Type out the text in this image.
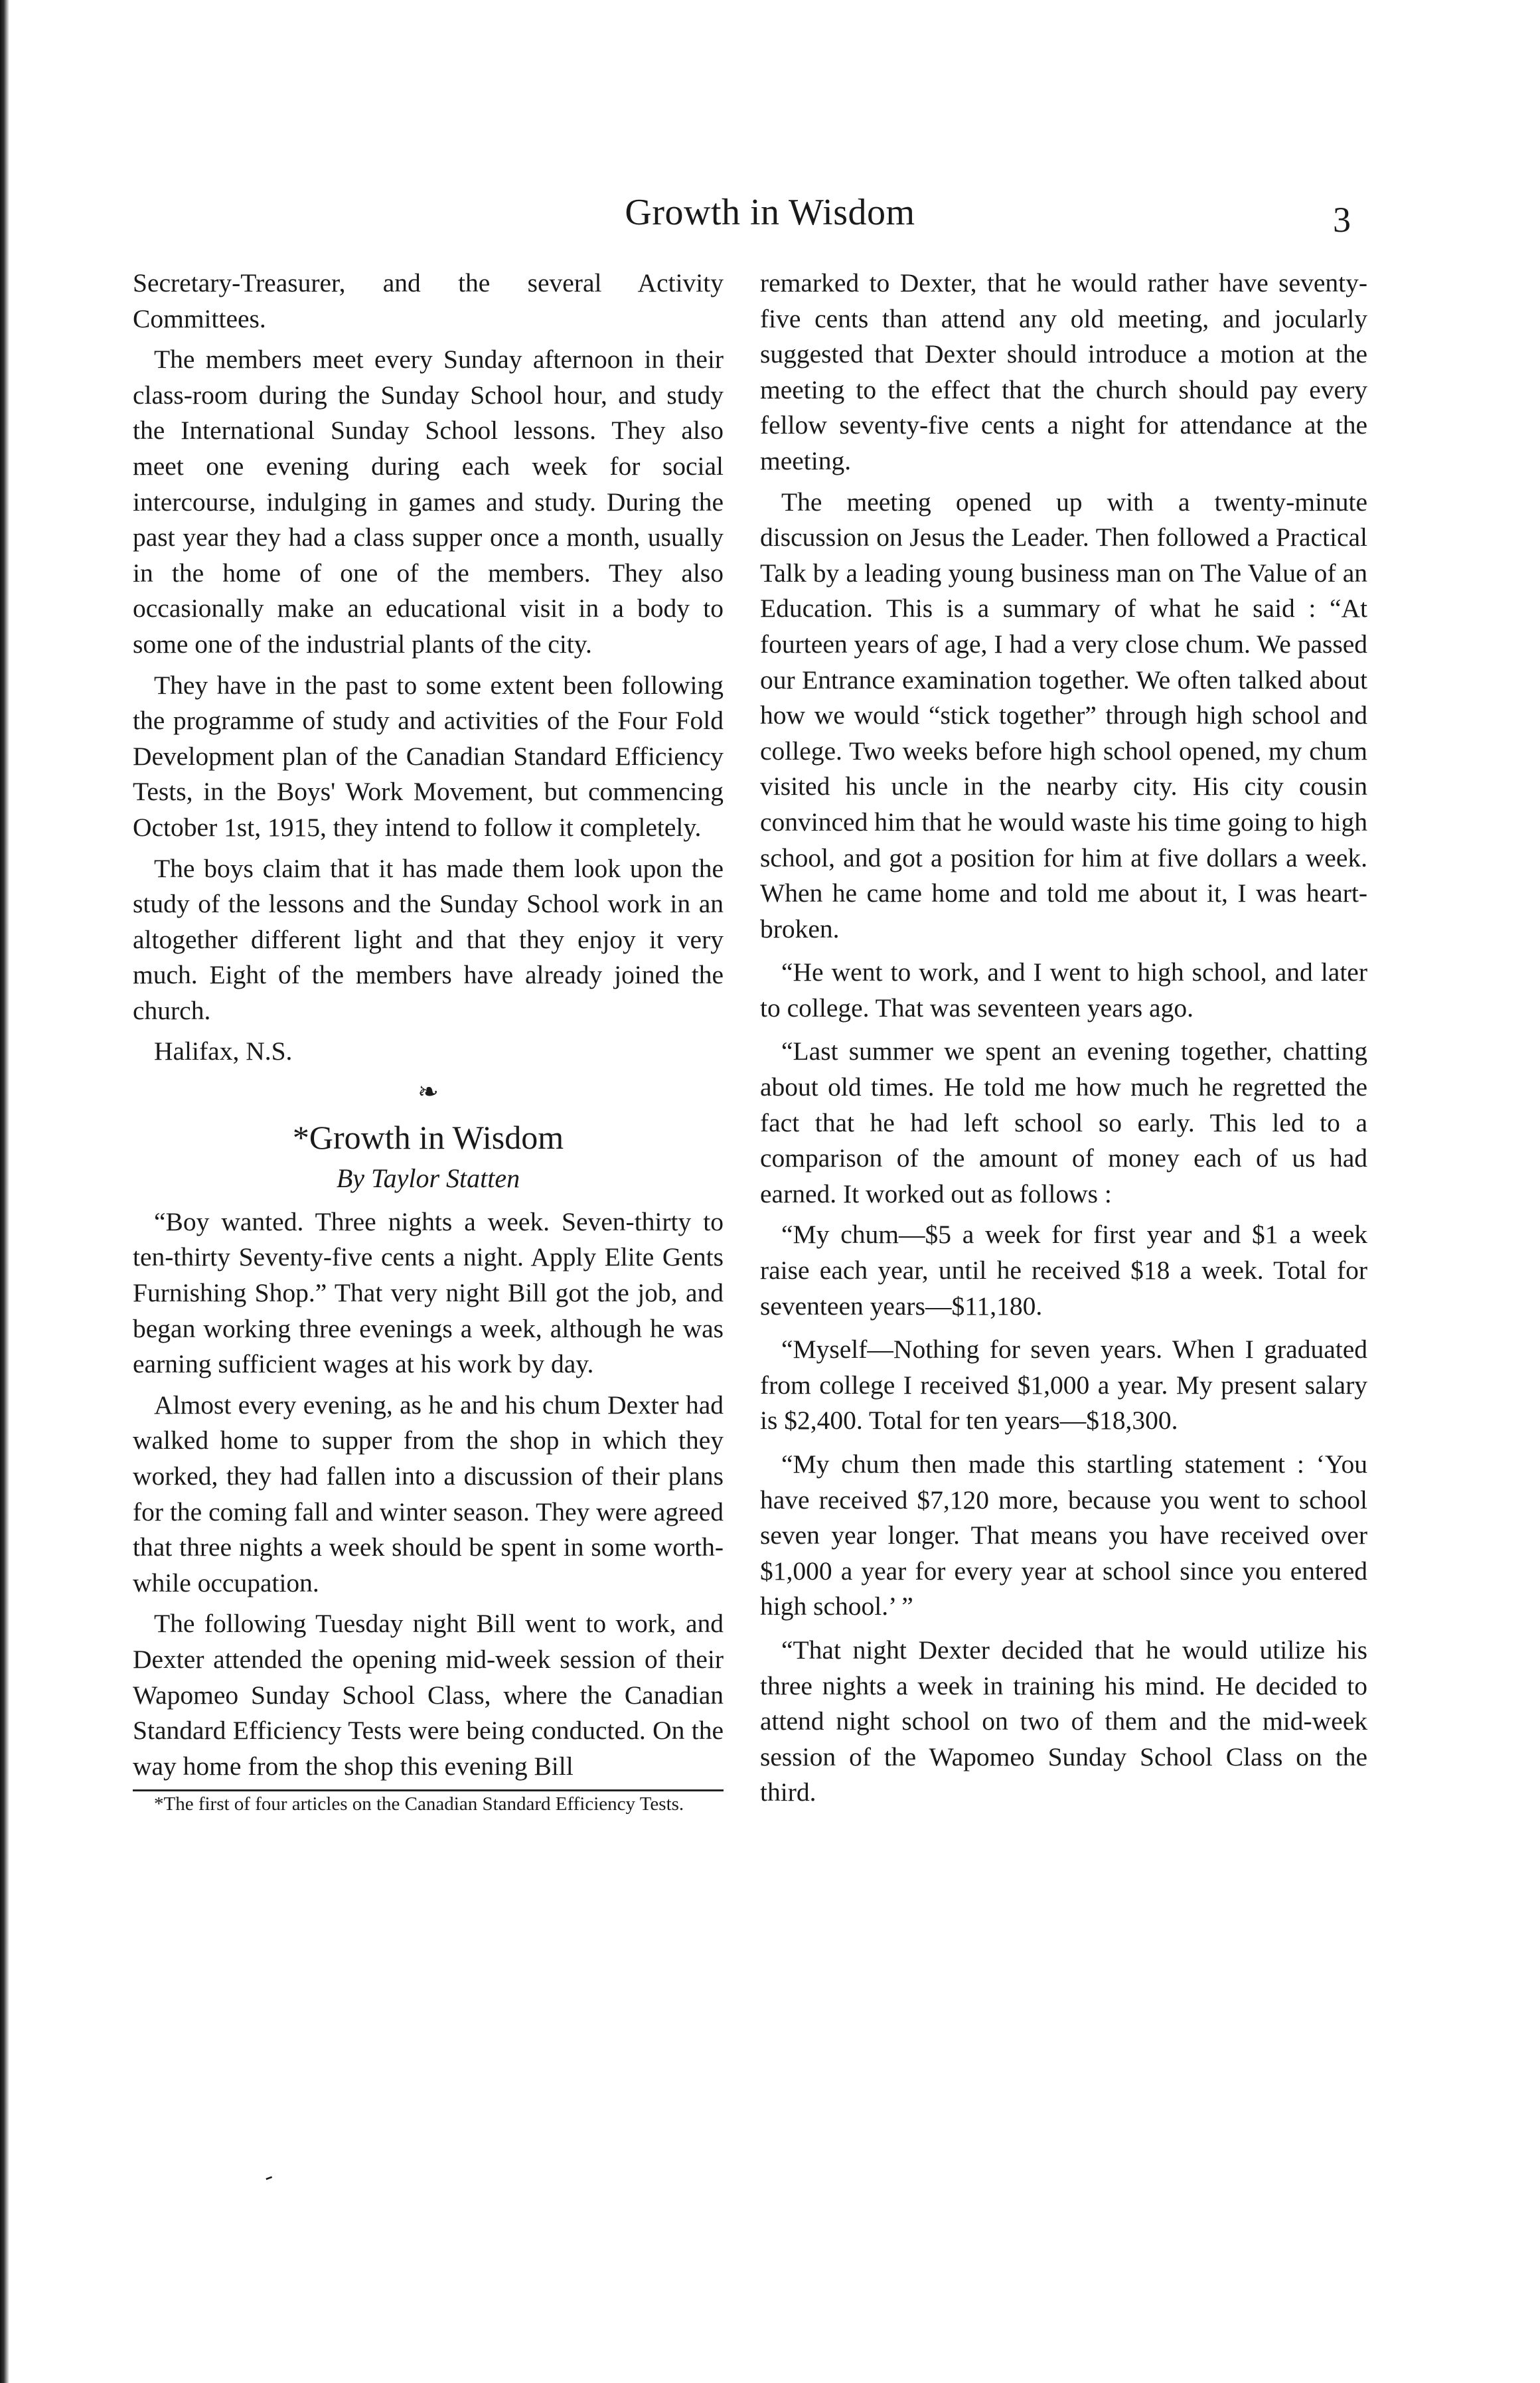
Growth in Wisdom	3

Secretary-Treasurer, and the several Activity Committees.

The members meet every Sunday afternoon in their class-room during the Sunday School hour, and study the International Sunday School lessons. They also meet one evening during each week for social intercourse, indulging in games and study. During the past year they had a class supper once a month, usually in the home of one of the members. They also occasionally make an educational visit in a body to some one of the industrial plants of the city.

They have in the past to some extent been following the programme of study and activities of the Four Fold Development plan of the Canadian Standard Efficiency Tests, in the Boys' Work Movement, but commencing October 1st, 1915, they intend to follow it completely.

The boys claim that it has made them look upon the study of the lessons and the Sunday School work in an altogether different light and that they enjoy it very much. Eight of the members have already joined the church.

Halifax, N.S.

❧
*Growth in Wisdom
By Taylor Statten

“Boy wanted. Three nights a week. Seven-thirty to ten-thirty Seventy-five cents a night. Apply Elite Gents Furnishing Shop.” That very night Bill got the job, and began working three evenings a week, although he was earning sufficient wages at his work by day.

Almost every evening, as he and his chum Dexter had walked home to supper from the shop in which they worked, they had fallen into a discussion of their plans for the coming fall and winter season. They were agreed that three nights a week should be spent in some worth-while occupation.

The following Tuesday night Bill went to work, and Dexter attended the opening mid-week session of their Wapomeo Sunday School Class, where the Canadian Standard Efficiency Tests were being conducted. On the way home from the shop this evening Bill

*The first of four articles on the Canadian Standard Efficiency Tests.

remarked to Dexter, that he would rather have seventy-five cents than attend any old meeting, and jocularly suggested that Dexter should introduce a motion at the meeting to the effect that the church should pay every fellow seventy-five cents a night for attendance at the meeting.

The meeting opened up with a twenty-minute discussion on Jesus the Leader. Then followed a Practical Talk by a leading young business man on The Value of an Education. This is a summary of what he said : “At fourteen years of age, I had a very close chum. We passed our Entrance examination together. We often talked about how we would “stick together” through high school and college. Two weeks before high school opened, my chum visited his uncle in the nearby city. His city cousin convinced him that he would waste his time going to high school, and got a position for him at five dollars a week. When he came home and told me about it, I was heart-broken.

“He went to work, and I went to high school, and later to college. That was seventeen years ago.

“Last summer we spent an evening together, chatting about old times. He told me how much he regretted the fact that he had left school so early. This led to a comparison of the amount of money each of us had earned. It worked out as follows :

“My chum—$5 a week for first year and $1 a week raise each year, until he received $18 a week. Total for seventeen years—$11,180.

“Myself—Nothing for seven years. When I graduated from college I received $1,000 a year. My present salary is $2,400. Total for ten years—$18,300.

“My chum then made this startling statement : ‘You have received $7,120 more, because you went to school seven year longer. That means you have received over $1,000 a year for every year at school since you entered high school.’ ”

“That night Dexter decided that he would utilize his three nights a week in training his mind. He decided to attend night school on two of them and the mid-week session of the Wapomeo Sunday School Class on the third.

-
